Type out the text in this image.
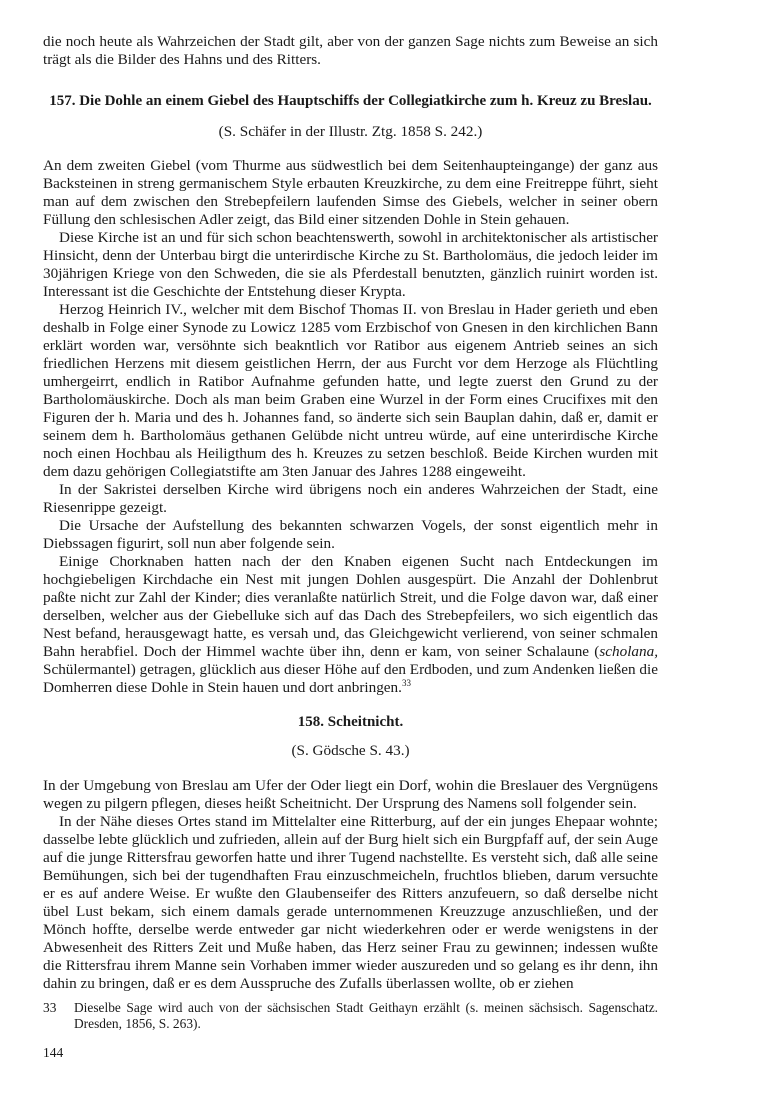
die noch heute als Wahrzeichen der Stadt gilt, aber von der ganzen Sage nichts zum Beweise an sich trägt als die Bilder des Hahns und des Ritters.

157. Die Dohle an einem Giebel des Hauptschiffs der Collegiatkirche zum h. Kreuz zu Breslau.
(S. Schäfer in der Illustr. Ztg. 1858 S. 242.)

An dem zweiten Giebel (vom Thurme aus südwestlich bei dem Seitenhaupteingange) der ganz aus Backsteinen in streng germanischem Style erbauten Kreuzkirche, zu dem eine Freitreppe führt, sieht man auf dem zwischen den Strebepfeilern laufenden Simse des Giebels, welcher in seiner obern Füllung den schlesischen Adler zeigt, das Bild einer sitzenden Dohle in Stein gehauen.

Diese Kirche ist an und für sich schon beachtenswerth, sowohl in architektonischer als artistischer Hinsicht, denn der Unterbau birgt die unterirdische Kirche zu St. Bartholomäus, die jedoch leider im 30jährigen Kriege von den Schweden, die sie als Pferdestall benutzten, gänzlich ruinirt worden ist. Interessant ist die Geschichte der Entstehung dieser Krypta.

Herzog Heinrich IV., welcher mit dem Bischof Thomas II. von Breslau in Hader gerieth und eben deshalb in Folge einer Synode zu Lowicz 1285 vom Erzbischof von Gnesen in den kirchlichen Bann erklärt worden war, versöhnte sich beakntlich vor Ratibor aus eigenem Antrieb seines an sich friedlichen Herzens mit diesem geistlichen Herrn, der aus Furcht vor dem Herzoge als Flüchtling umhergeirrt, endlich in Ratibor Aufnahme gefunden hatte, und legte zuerst den Grund zu der Bartholomäuskirche. Doch als man beim Graben eine Wurzel in der Form eines Crucifixes mit den Figuren der h. Maria und des h. Johannes fand, so änderte sich sein Bauplan dahin, daß er, damit er seinem dem h. Bartholomäus gethanen Gelübde nicht untreu würde, auf eine unterirdische Kirche noch einen Hochbau als Heiligthum des h. Kreuzes zu setzen beschloß. Beide Kirchen wurden mit dem dazu gehörigen Collegiatstifte am 3ten Januar des Jahres 1288 eingeweiht.

In der Sakristei derselben Kirche wird übrigens noch ein anderes Wahrzeichen der Stadt, eine Riesenrippe gezeigt.

Die Ursache der Aufstellung des bekannten schwarzen Vogels, der sonst eigentlich mehr in Diebssagen figurirt, soll nun aber folgende sein.

Einige Chorknaben hatten nach der den Knaben eigenen Sucht nach Entdeckungen im hochgiebeligen Kirchdache ein Nest mit jungen Dohlen ausgespürt. Die Anzahl der Dohlenbrut paßte nicht zur Zahl der Kinder; dies veranlaßte natürlich Streit, und die Folge davon war, daß einer derselben, welcher aus der Giebelluke sich auf das Dach des Strebepfeilers, wo sich eigentlich das Nest befand, herausgewagt hatte, es versah und, das Gleichgewicht verlierend, von seiner schmalen Bahn herabfiel. Doch der Himmel wachte über ihn, denn er kam, von seiner Schalaune (scholana, Schülermantel) getragen, glücklich aus dieser Höhe auf den Erdboden, und zum Andenken ließen die Domherren diese Dohle in Stein hauen und dort anbringen.$^{33}$

158. Scheitnicht.
(S. Gödsche S. 43.)

In der Umgebung von Breslau am Ufer der Oder liegt ein Dorf, wohin die Breslauer des Vergnügens wegen zu pilgern pflegen, dieses heißt Scheitnicht. Der Ursprung des Namens soll folgender sein.

In der Nähe dieses Ortes stand im Mittelalter eine Ritterburg, auf der ein junges Ehepaar wohnte; dasselbe lebte glücklich und zufrieden, allein auf der Burg hielt sich ein Burgpfaff auf, der sein Auge auf die junge Rittersfrau geworfen hatte und ihrer Tugend nachstellte. Es versteht sich, daß alle seine Bemühungen, sich bei der tugendhaften Frau einzuschmeicheln, fruchtlos blieben, darum versuchte er es auf andere Weise. Er wußte den Glaubenseifer des Ritters anzufeuern, so daß derselbe nicht übel Lust bekam, sich einem damals gerade unternommenen Kreuzzuge anzuschließen, und der Mönch hoffte, derselbe werde entweder gar nicht wiederkehren oder er werde wenigstens in der Abwesenheit des Ritters Zeit und Muße haben, das Herz seiner Frau zu gewinnen; indessen wußte die Rittersfrau ihrem Manne sein Vorhaben immer wieder auszureden und so gelang es ihr denn, ihn dahin zu bringen, daß er es dem Ausspruche des Zufalls überlassen wollte, ob er ziehen

33 Dieselbe Sage wird auch von der sächsischen Stadt Geithayn erzählt (s. meinen sächsisch. Sagenschatz. Dresden, 1856, S. 263).
144
